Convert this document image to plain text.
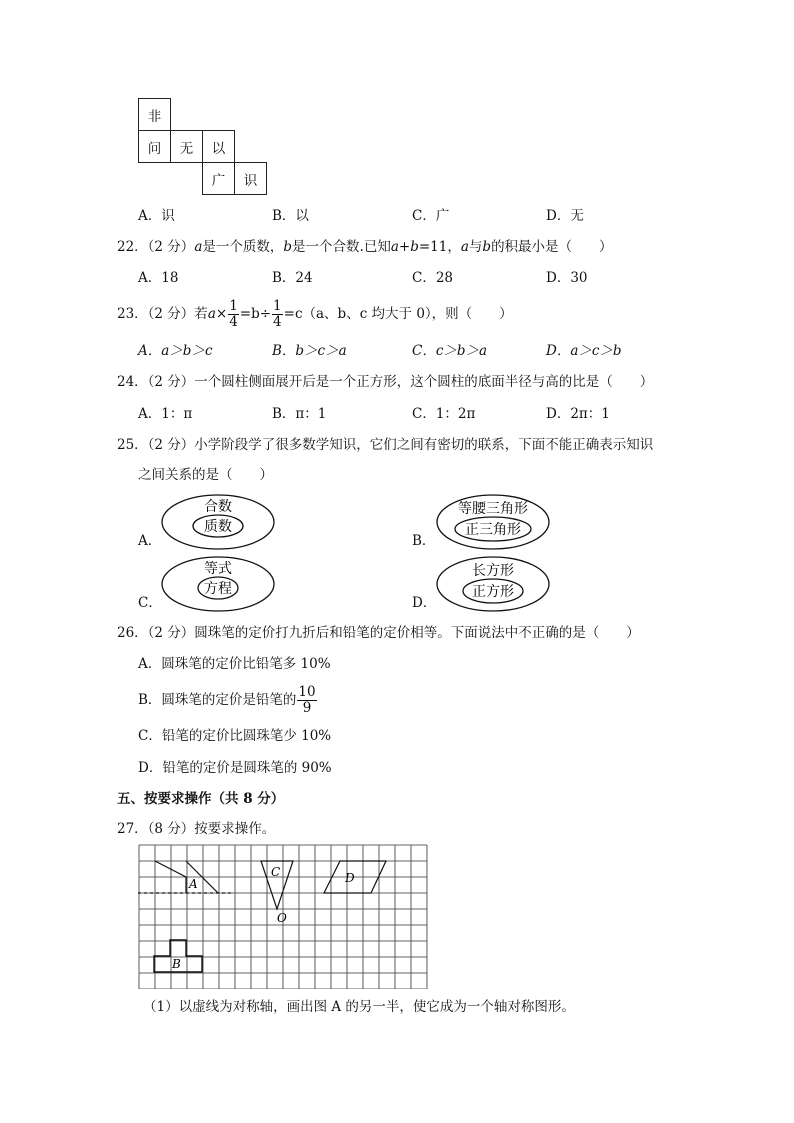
非
问	无	以
广	识
A．识	B．以	C．广	D．无
22．（2 分）a是一个质数，b是一个合数.已知a+b=11，a与b的积最小是（　　）
A．18	B．24	C．28	D．30
23．（2 分）若$a\times \frac{1}{4} =b\div \frac{1}{4} =c(a$、b、c 均大于 0），则（　　）
A．a＞b＞c	B．b＞c＞a	C．c＞b＞a	D．a＞c＞b
24．（2 分）一个圆柱侧面展开后是一个正方形，这个圆柱的底面半径与高的比是（　　）
A．1：π	B．π：1	C．1：2π	D．2π：1
25．（2 分）小学阶段学了很多数学知识，它们之间有密切的联系，下面不能正确表示知识
之间关系的是（　　）
A．	B．
C．	D．
合数
质数
等腰三角形
正三角形
等式
方程
长方形
正方形
26．（2 分）圆珠笔的定价打九折后和铅笔的定价相等。下面说法中不正确的是（　　）
A．圆珠笔的定价比铅笔多 10%
B．圆珠笔的定价是铅笔的 $\frac{10}{9}$
C．铅笔的定价比圆珠笔少 10%
D．铅笔的定价是圆珠笔的 90%
五、按要求操作（共 8 分）
27．（8 分）按要求操作。
A
C
O
D
B
（1）以虚线为对称轴，画出图 A 的另一半，使它成为一个轴对称图形。
